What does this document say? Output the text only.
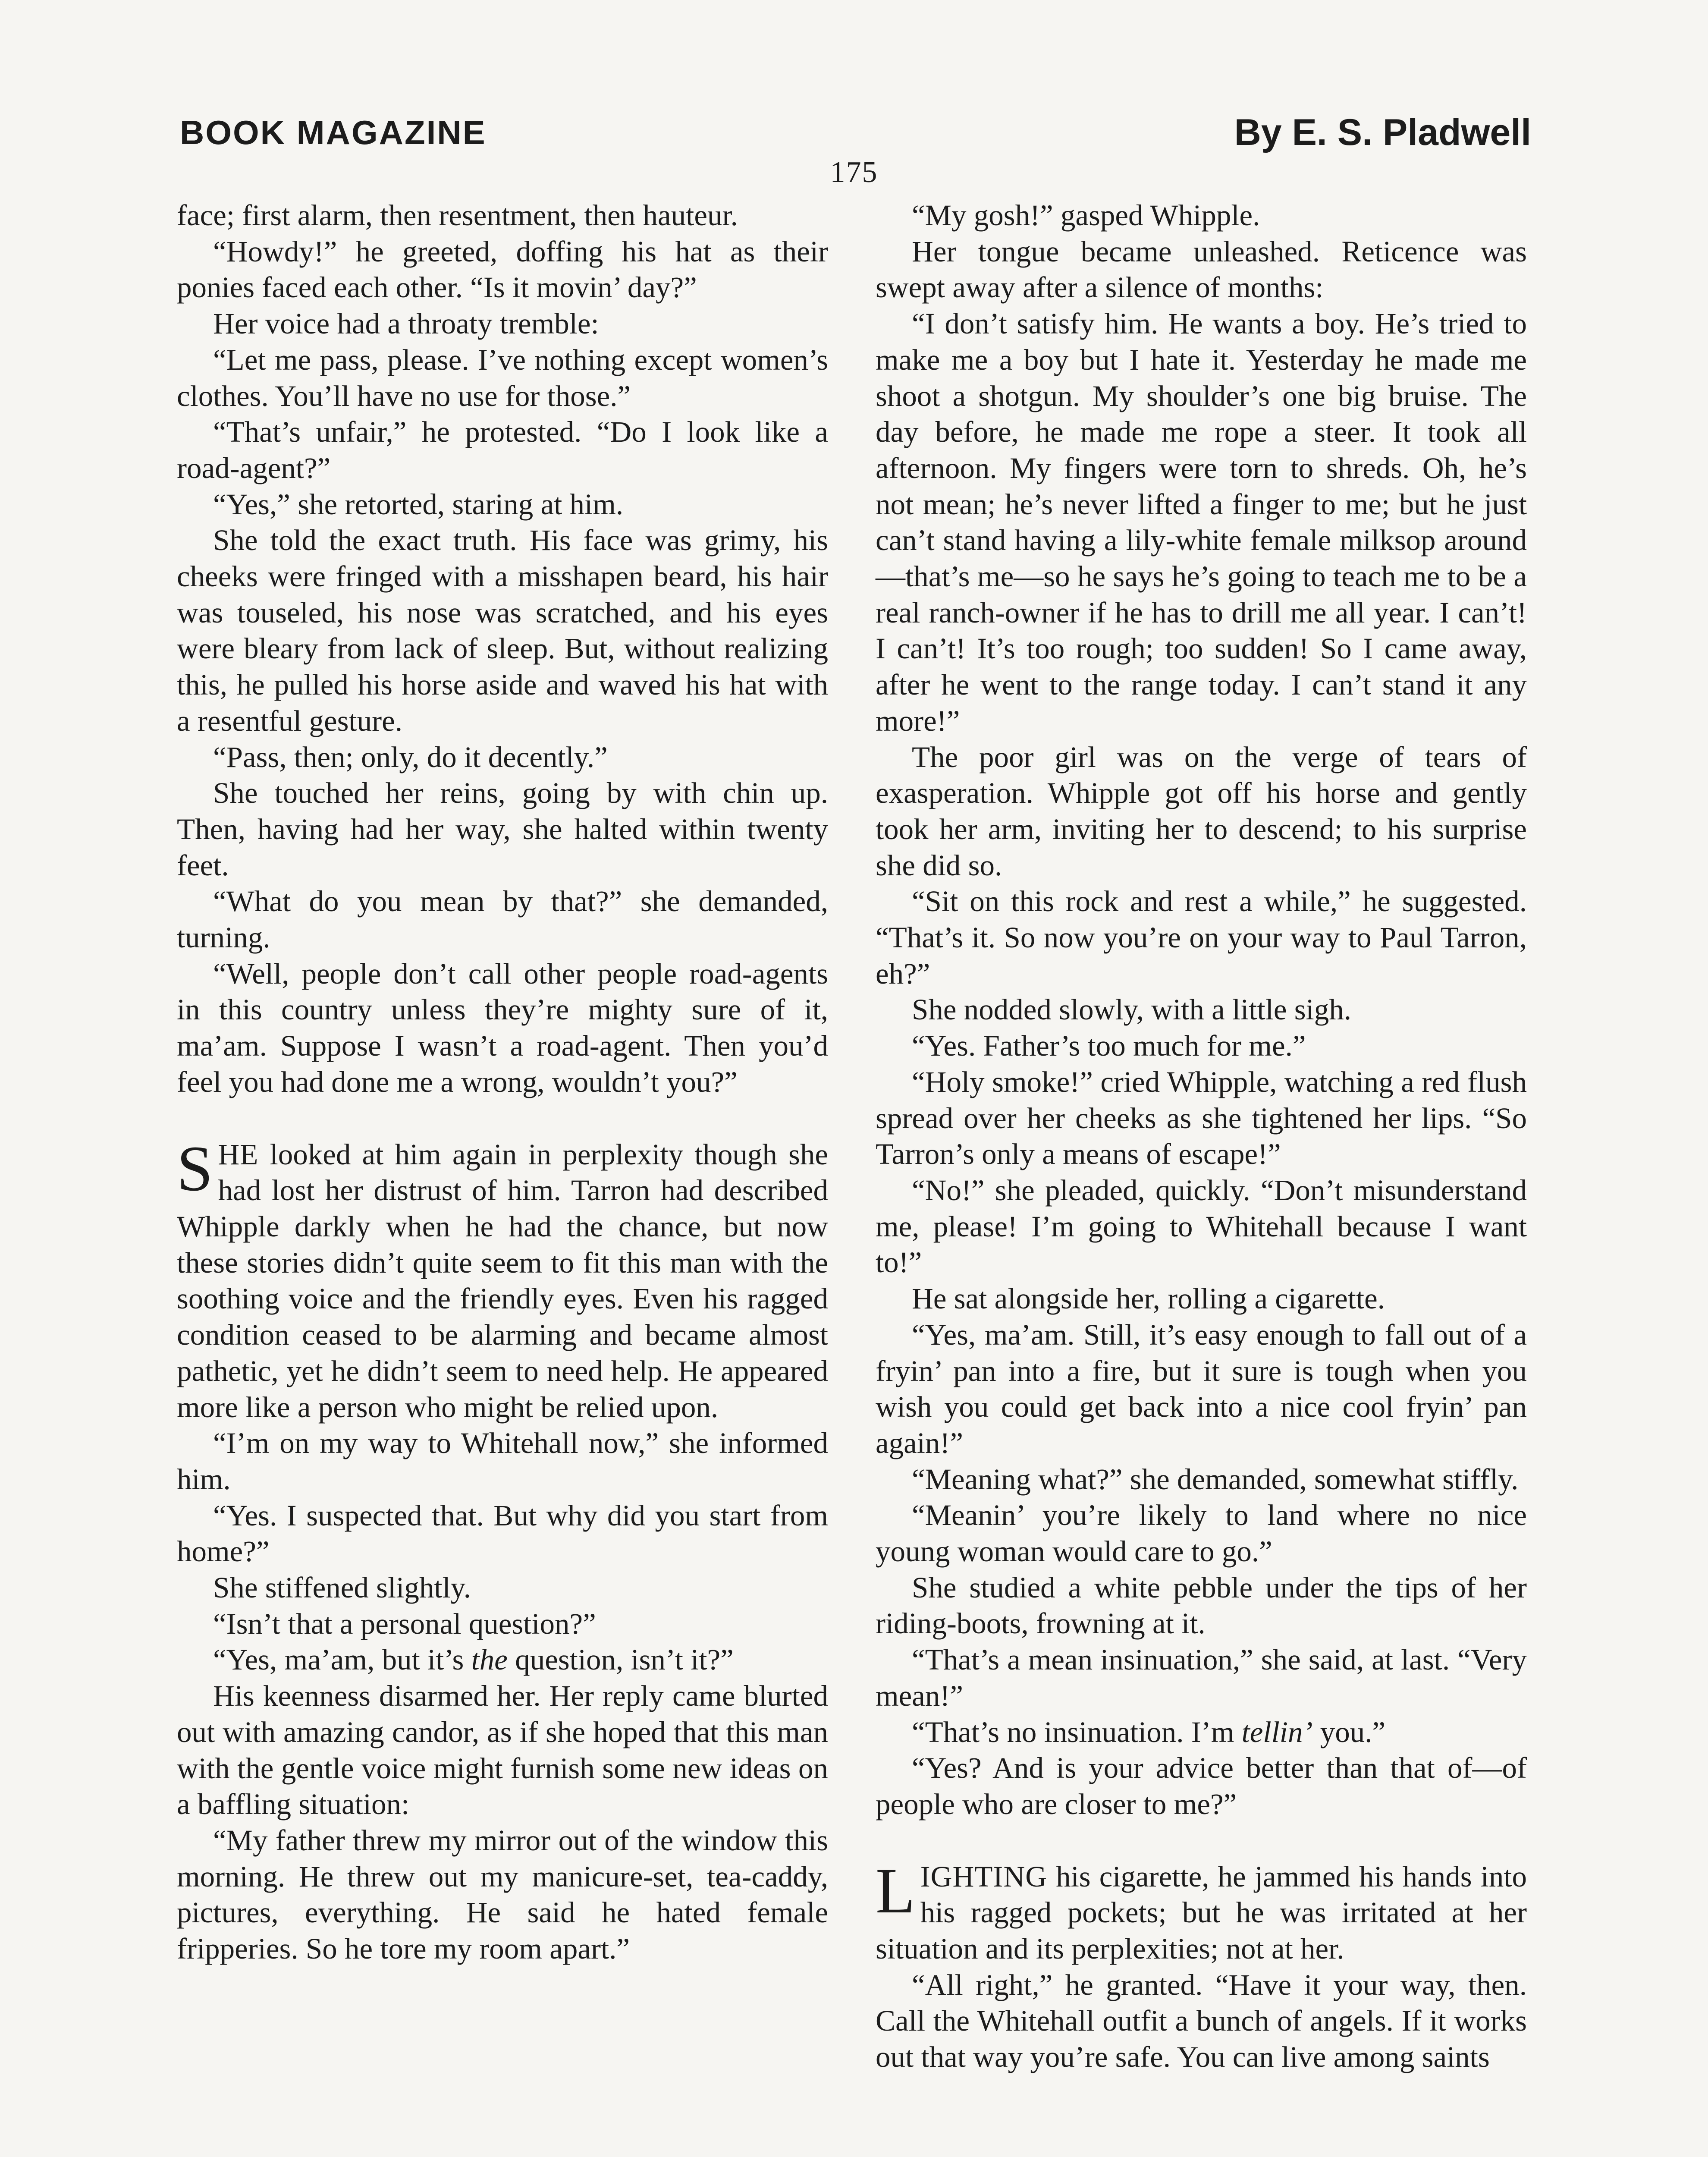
BOOK MAGAZINE	By E. S. Pladwell
175

face; first alarm, then resentment, then hauteur.

“Howdy!” he greeted, doffing his hat as their ponies faced each other. “Is it movin’ day?”

Her voice had a throaty tremble:

“Let me pass, please. I’ve nothing except women’s clothes. You’ll have no use for those.”

“That’s unfair,” he protested. “Do I look like a road-agent?”

“Yes,” she retorted, staring at him.

She told the exact truth. His face was grimy, his cheeks were fringed with a misshapen beard, his hair was touseled, his nose was scratched, and his eyes were bleary from lack of sleep. But, without realizing this, he pulled his horse aside and waved his hat with a resentful gesture.

“Pass, then; only, do it decently.”

She touched her reins, going by with chin up. Then, having had her way, she halted within twenty feet.

“What do you mean by that?” she demanded, turning.

“Well, people don’t call other people road-agents in this country unless they’re mighty sure of it, ma’am. Suppose I wasn’t a road-agent. Then you’d feel you had done me a wrong, wouldn’t you?”

SHE looked at him again in perplexity though she had lost her distrust of him. Tarron had described Whipple darkly when he had the chance, but now these stories didn’t quite seem to fit this man with the soothing voice and the friendly eyes. Even his ragged condition ceased to be alarming and became almost pathetic, yet he didn’t seem to need help. He appeared more like a person who might be relied upon.

“I’m on my way to Whitehall now,” she informed him.

“Yes. I suspected that. But why did you start from home?”

She stiffened slightly.

“Isn’t that a personal question?”

“Yes, ma’am, but it’s the question, isn’t it?”

His keenness disarmed her. Her reply came blurted out with amazing candor, as if she hoped that this man with the gentle voice might furnish some new ideas on a baffling situation:

“My father threw my mirror out of the window this morning. He threw out my manicure-set, tea-caddy, pictures, everything. He said he hated female fripperies. So he tore my room apart.”

“My gosh!” gasped Whipple.

Her tongue became unleashed. Reticence was swept away after a silence of months:

“I don’t satisfy him. He wants a boy. He’s tried to make me a boy but I hate it. Yesterday he made me shoot a shotgun. My shoulder’s one big bruise. The day before, he made me rope a steer. It took all afternoon. My fingers were torn to shreds. Oh, he’s not mean; he’s never lifted a finger to me; but he just can’t stand having a lily-white female milksop around—that’s me—so he says he’s going to teach me to be a real ranch-owner if he has to drill me all year. I can’t! I can’t! It’s too rough; too sudden! So I came away, after he went to the range today. I can’t stand it any more!”

The poor girl was on the verge of tears of exasperation. Whipple got off his horse and gently took her arm, inviting her to descend; to his surprise she did so.

“Sit on this rock and rest a while,” he suggested. “That’s it. So now you’re on your way to Paul Tarron, eh?”

She nodded slowly, with a little sigh.

“Yes. Father’s too much for me.”

“Holy smoke!” cried Whipple, watching a red flush spread over her cheeks as she tightened her lips. “So Tarron’s only a means of escape!”

“No!” she pleaded, quickly. “Don’t misunderstand me, please! I’m going to Whitehall because I want to!”

He sat alongside her, rolling a cigarette.

“Yes, ma’am. Still, it’s easy enough to fall out of a fryin’ pan into a fire, but it sure is tough when you wish you could get back into a nice cool fryin’ pan again!”

“Meaning what?” she demanded, somewhat stiffly.

“Meanin’ you’re likely to land where no nice young woman would care to go.”

She studied a white pebble under the tips of her riding-boots, frowning at it.

“That’s a mean insinuation,” she said, at last. “Very mean!”

“That’s no insinuation. I’m tellin’ you.”

“Yes? And is your advice better than that of—of people who are closer to me?”

LIGHTING his cigarette, he jammed his hands into his ragged pockets; but he was irritated at her situation and its perplexities; not at her.

“All right,” he granted. “Have it your way, then. Call the Whitehall outfit a bunch of angels. If it works out that way you’re safe. You can live among saints
